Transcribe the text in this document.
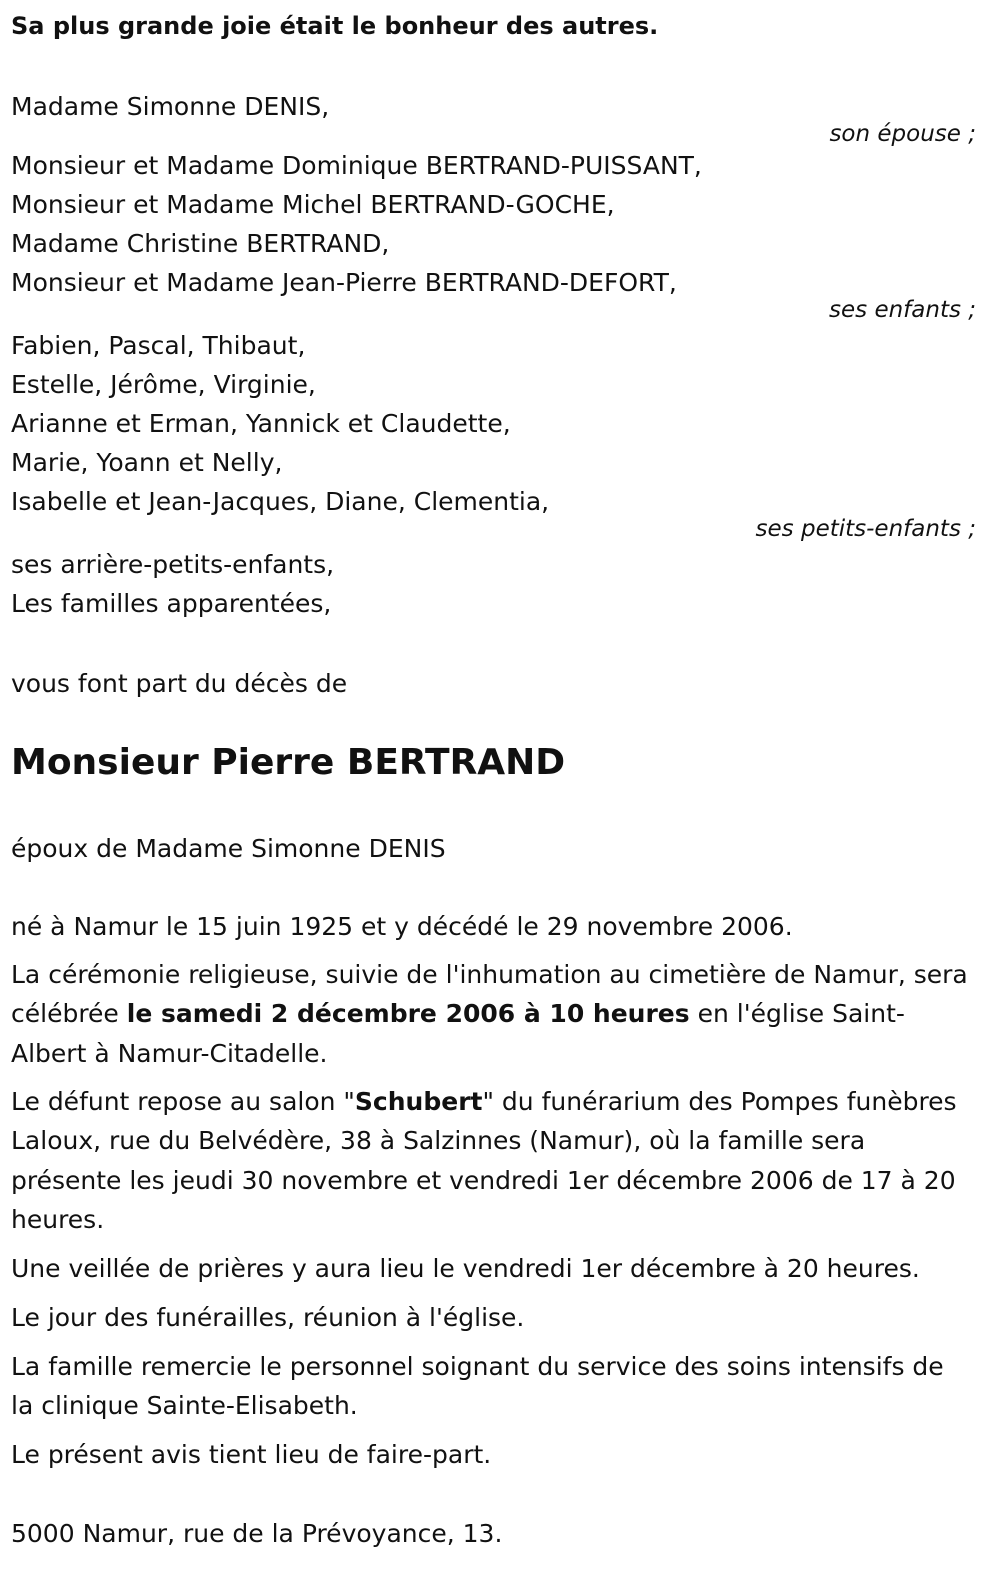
Sa plus grande joie était le bonheur des autres.
Madame Simonne DENIS,
son épouse ;
Monsieur et Madame Dominique BERTRAND-PUISSANT,
Monsieur et Madame Michel BERTRAND-GOCHE,
Madame Christine BERTRAND,
Monsieur et Madame Jean-Pierre BERTRAND-DEFORT,
ses enfants ;
Fabien, Pascal, Thibaut,
Estelle, Jérôme, Virginie,
Arianne et Erman, Yannick et Claudette,
Marie, Yoann et Nelly,
Isabelle et Jean-Jacques, Diane, Clementia,
ses petits-enfants ;
ses arrière-petits-enfants,
Les familles apparentées,
vous font part du décès de
Monsieur Pierre BERTRAND
époux de Madame Simonne DENIS
né à Namur le 15 juin 1925 et y décédé le 29 novembre 2006.
La cérémonie religieuse, suivie de l'inhumation au cimetière de Namur, sera célébrée le samedi 2 décembre 2006 à 10 heures en l'église Saint-Albert à Namur-Citadelle.
Le défunt repose au salon "Schubert" du funérarium des Pompes funèbres Laloux, rue du Belvédère, 38 à Salzinnes (Namur), où la famille sera présente les jeudi 30 novembre et vendredi 1er décembre 2006 de 17 à 20 heures.
Une veillée de prières y aura lieu le vendredi 1er décembre à 20 heures.
Le jour des funérailles, réunion à l'église.
La famille remercie le personnel soignant du service des soins intensifs de la clinique Sainte-Elisabeth.
Le présent avis tient lieu de faire-part.
5000 Namur, rue de la Prévoyance, 13.
